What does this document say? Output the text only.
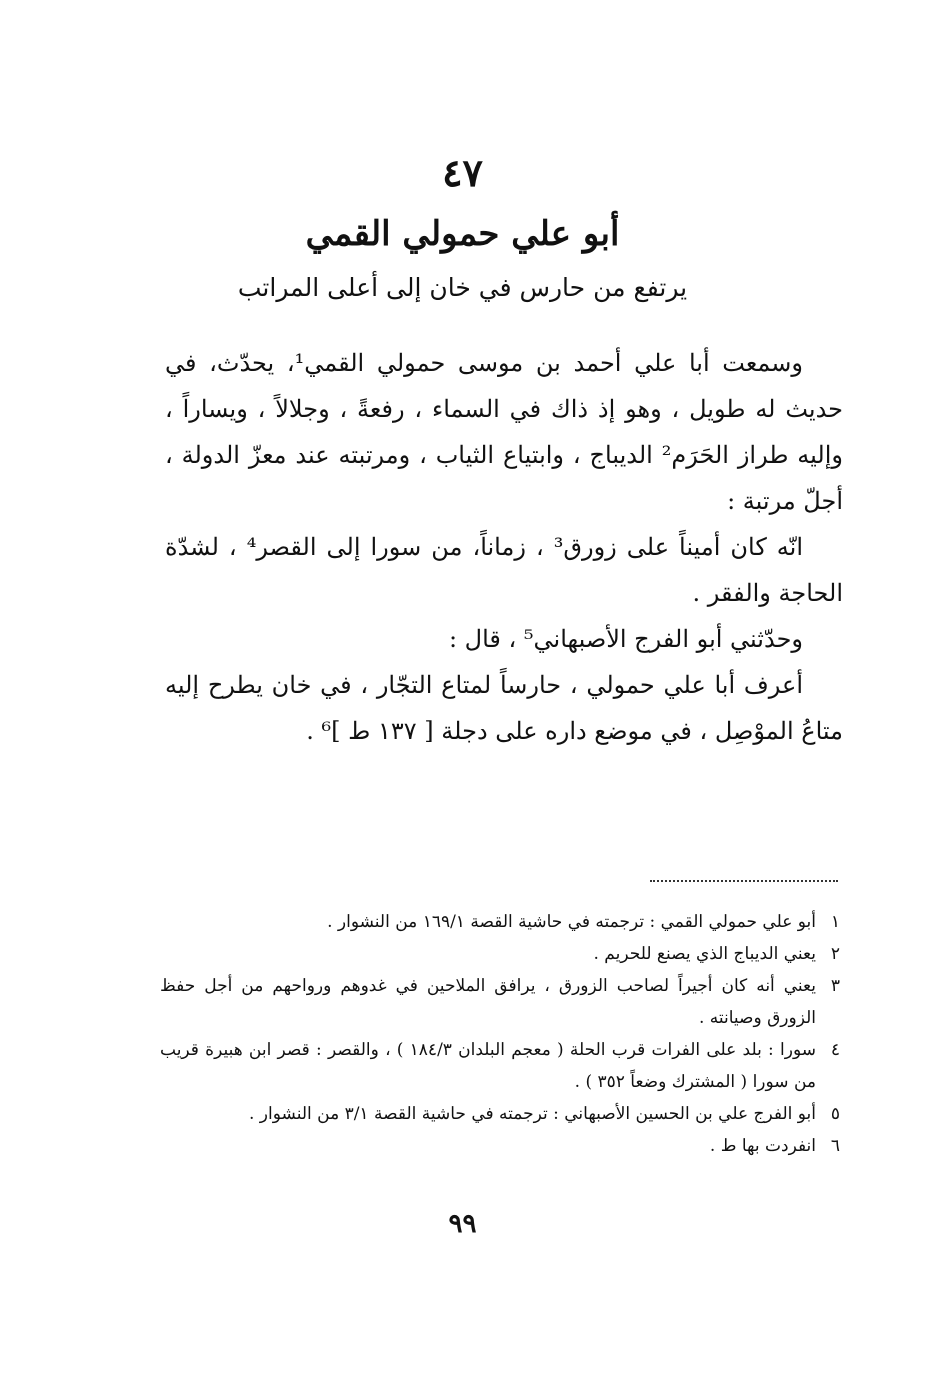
٤٧
أبو علي حمولي القمي
يرتفع من حارس في خان إلى أعلى المراتب

وسمعت أبا علي أحمد بن موسى حمولي القمي¹، يحدّث، في حديث له طويل ، وهو إذ ذاك في السماء ، رفعةً ، وجلالاً ، ويساراً ، وإليه طراز الحَرَم² الديباج ، وابتياع الثياب ، ومرتبته عند معزّ الدولة ، أجلّ مرتبة :

انّه كان أميناً على زورق³ ، زماناً، من سورا إلى القصر⁴ ، لشدّة الحاجة والفقر .

وحدّثني أبو الفرج الأصبهاني⁵ ، قال :

أعرف أبا علي حمولي ، حارساً لمتاع التجّار ، في خان يطرح إليه متاعُ الموْصِل ، في موضع داره على دجلة [ ١٣٧ ط ]⁶ .

١
أبو علي حمولي القمي : ترجمته في حاشية القصة ١٦٩/١ من النشوار .
٢
يعني الديباج الذي يصنع للحريم .
٣
يعني أنه كان أجيراً لصاحب الزورق ، يرافق الملاحين في غدوهم ورواحهم من أجل حفظ الزورق وصيانته .
٤
سورا : بلد على الفرات قرب الحلة ( معجم البلدان ١٨٤/٣ ) ، والقصر : قصر ابن هبيرة قريب من سورا ( المشترك وضعاً ٣٥٢ ) .
٥
أبو الفرج علي بن الحسين الأصبهاني : ترجمته في حاشية القصة ٣/١ من النشوار .
٦
انفردت بها ط .
٩٩
